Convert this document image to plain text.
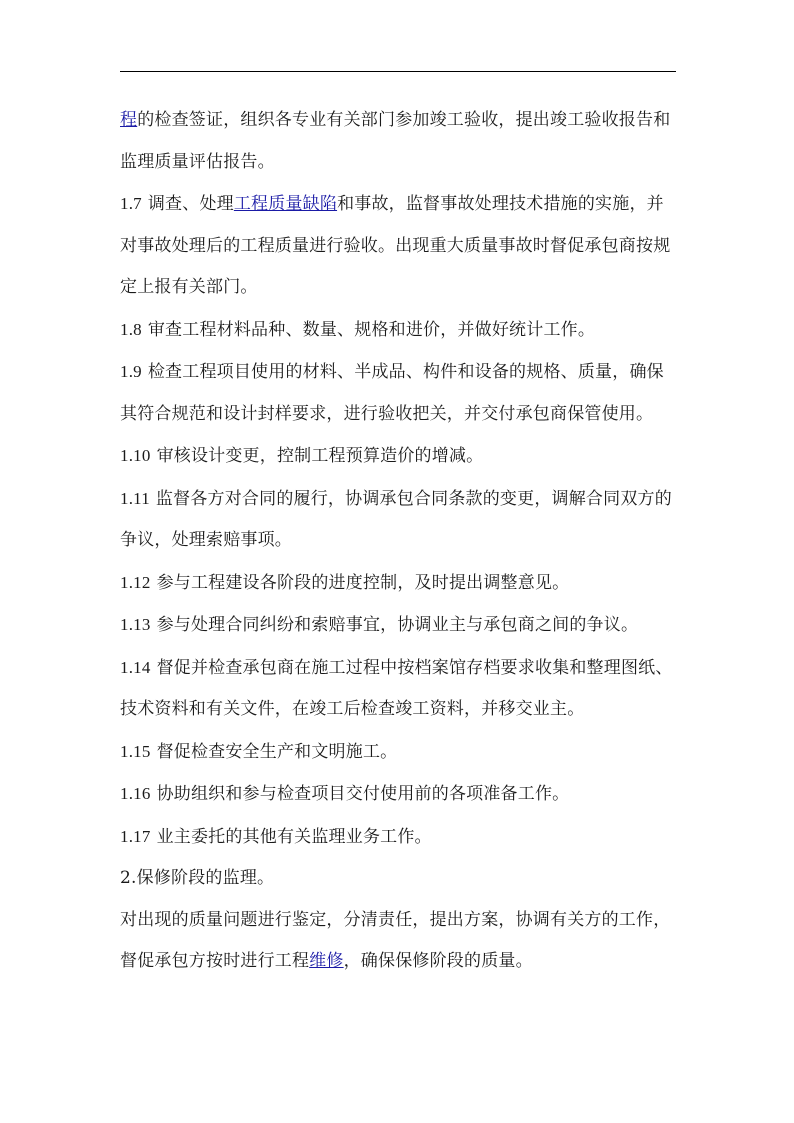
程的检查签证，组织各专业有关部门参加竣工验收，提出竣工验收报告和监理质量评估报告。

1.7 调查、处理工程质量缺陷和事故，监督事故处理技术措施的实施，并对事故处理后的工程质量进行验收。出现重大质量事故时督促承包商按规定上报有关部门。

1.8 审查工程材料品种、数量、规格和进价，并做好统计工作。

1.9 检查工程项目使用的材料、半成品、构件和设备的规格、质量，确保其符合规范和设计封样要求，进行验收把关，并交付承包商保管使用。

1.10 审核设计变更，控制工程预算造价的增减。

1.11 监督各方对合同的履行，协调承包合同条款的变更，调解合同双方的争议，处理索赔事项。

1.12 参与工程建设各阶段的进度控制，及时提出调整意见。

1.13 参与处理合同纠纷和索赔事宜，协调业主与承包商之间的争议。

1.14 督促并检查承包商在施工过程中按档案馆存档要求收集和整理图纸、技术资料和有关文件，在竣工后检查竣工资料，并移交业主。

1.15 督促检查安全生产和文明施工。

1.16 协助组织和参与检查项目交付使用前的各项准备工作。

1.17 业主委托的其他有关监理业务工作。

2.保修阶段的监理。

对出现的质量问题进行鉴定，分清责任，提出方案，协调有关方的工作，督促承包方按时进行工程维修，确保保修阶段的质量。
